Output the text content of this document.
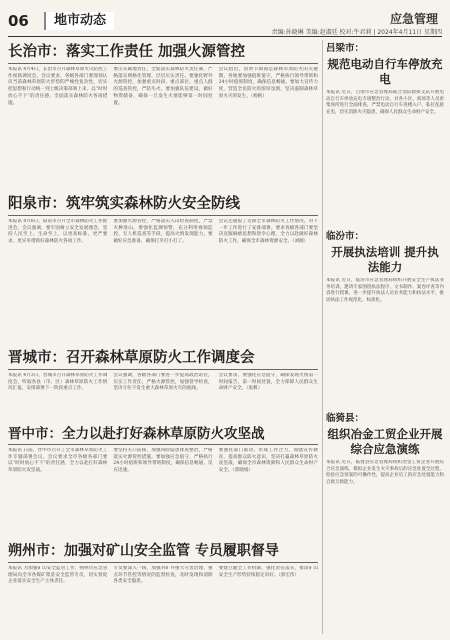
06	地市动态	应急管理
责编:孙晓琳 美编:赵淑廷 校对:牛君莉 | 2024年4月11日 星期四
长治市：落实工作责任 加强火源管控

本报讯 4月4日，长治市召开森林草原火灾防控工作视频调度会。会议要求，各级各部门要深刻认识当前森林草原防火形势的严峻性复杂性，切实把思想和行动统一到上级决策部署上来，以“时时放心不下”的责任感，全面落实森林防火各项措施。

要压实属地责任，全面落实森林防火责任制，严格落实网格化管理，层层压实责任。要强化野外火源管控，加强重点时段、重点部位、重点人群的巡查管控，严防失火。要加强队伍建设，做好物资储备，确保一旦发生火情能够第一时间处置。

会议指出，清明节期间是森林草原防火的关键期，各地要加强值班值守，严格执行领导带班和24小时值班制度，确保信息畅通。要加大宣传力度，营造全民防火的浓厚氛围，坚决遏制森林草原火灾的发生。（杨帆）

阳泉市：筑牢筑实森林防火安全防线

本报讯 4月8日，阳泉市召开全市森林防火工作推进会。会议强调，要牢固树立安全发展理念，坚持人民至上、生命至上，以更高标准、更严要求、更实举措抓好森林防火各项工作。

要加强火源管控，严格落实入山检查制度，严禁火种进山。要强化监测预警，充分利用视频监控、无人机巡查等手段，提高火情发现能力。要做好应急准备，确保打早打小打了。

会议还通报了近期全市森林防火工作情况，对下一步工作进行了安排部署。要求各级各部门要坚决克服麻痹思想和侥幸心理，全力以赴做好森林防火工作，确保全市森林资源安全。（刘刚）

晋城市：召开森林草原防火工作调度会

本报讯 4月3日，晋城市召开森林草原防火工作调度会，听取各县（市、区）森林草原防火工作情况汇报，安排部署下一阶段重点工作。

会议强调，各级各部门要进一步提高政治站位，压实工作责任，严格火源管控，加强督导检查，坚决守住不发生重大森林草原火灾的底线。

会议要求，要强化应急值守，确保发现火情第一时间报告、第一时间处置，全力保障人民群众生命财产安全。（张帆）

晋中市：全力以赴打好森林草原防火攻坚战

本报讯 日前，晋中市召开了全市森林草原防火工作专题部署会议，会议要求全市各级各部门要以“时时放心不下”的责任感，全力以赴打好森林草原防火攻坚战。

要坚持关口前移，加强风险隐患排查整治，严格落实火源管控措施。要加强应急值守，严格执行24小时值班和领导带班制度，确保信息畅通、反应迅速。

要强化部门联动，形成工作合力，加强宣传教育，提高群众防火意识，坚决打赢森林草原防火攻坚战，确保全市森林资源和人民群众生命财产安全。（郭晓娟）

朔州市：加强对矿山安全监管 专员履职督导

本报讯 为加强矿山安全监管工作，朔州市应急管理局向全市各煤矿派驻安全监管专员，切实督促企业落实安全生产主体责任。

专员要深入一线，加强对矿井重大灾害治理、重点环节管控等情况的监督检查，及时发现和消除各类安全隐患。

要建立健全工作机制，强化责任落实，推动矿山安全生产形势持续稳定向好。（郭宏伟）

吕梁市：
规范电动自行车停放充电
本报讯 近日，吕梁市应急管理局联合消防救援支队开展电动自行车停放充电专项整治行动，对各小区、商场等人员密集场所进行全面排查，严禁电动自行车进楼入户、私拉乱接充电，切实消除火灾隐患，确保人民群众生命财产安全。
临汾市：
开展执法培训 提升执法能力
本报讯 近日，临汾市应急管理局组织开展安全生产执法业务培训，邀请专家围绕执法程序、文书制作、案卷评查等内容进行授课，进一步提升执法人员业务能力和执法水平，推动执法工作规范化、标准化。
临猗县：
组织冶金工贸企业开展综合应急演练
本报讯 近日，临猗县应急管理局组织冶金工贸企业开展综合应急演练，模拟企业发生火灾事故后的应急处置全过程，检验应急预案的可操作性，提高企业员工的应急处置能力和自救互救能力。
